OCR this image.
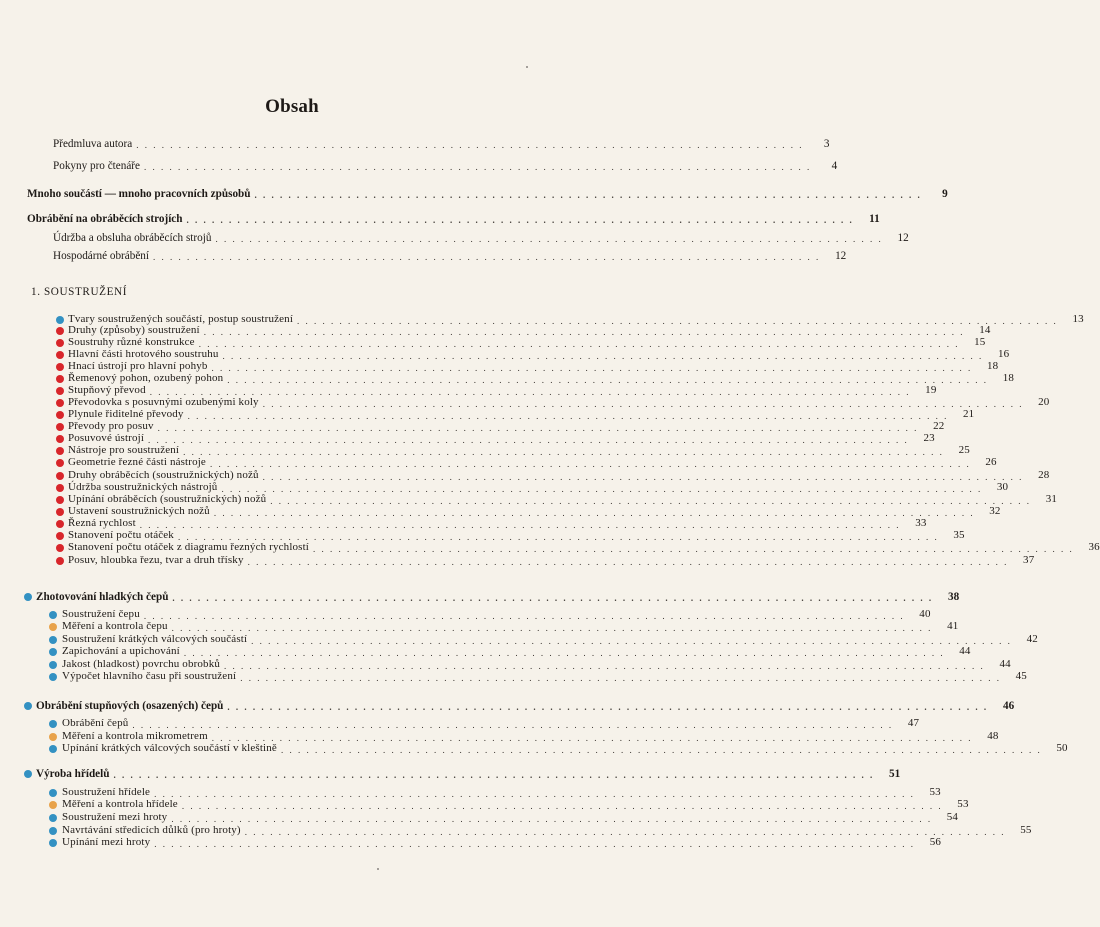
Obsah
Předmluva autora . . . . . . . . . . . . . . . . . . . . . . . . . . . . . . . . . . . . . . . . . . . . . . . . . . . . . . . . . . . . . . . . . . . . . . . . . . . . . . .	3
Pokyny pro čtenáře . . . . . . . . . . . . . . . . . . . . . . . . . . . . . . . . . . . . . . . . . . . . . . . . . . . . . . . . . . . . . . . . . . . . . . . . . . . . . . .	4
Mnoho součástí — mnoho pracovních způsobů . . . . . . . . . . . . . . . . . . . . . . . . . . . . . . . . . . . . . . . . . . . . . . . . . . . . . . . . . . . . . . . . . . . . . . . . . . . . . . .	9
Obrábění na obráběcích strojích . . . . . . . . . . . . . . . . . . . . . . . . . . . . . . . . . . . . . . . . . . . . . . . . . . . . . . . . . . . . . . . . . . . . . . . . . . . . . . .	11
Údržba a obsluha obráběcích strojů . . . . . . . . . . . . . . . . . . . . . . . . . . . . . . . . . . . . . . . . . . . . . . . . . . . . . . . . . . . . . . . . . . . . . . . . . . . . . . .	12
Hospodárné obrábění . . . . . . . . . . . . . . . . . . . . . . . . . . . . . . . . . . . . . . . . . . . . . . . . . . . . . . . . . . . . . . . . . . . . . . . . . . . . . . .	12
1. SOUSTRUŽENÍ
Tvary soustružených součástí, postup soustružení . . . . . . . . . . . . . . . . . . . . . . . . . . . . . . . . . . . . . . . . . . . . . . . . . . . . . . . . . . . . . . . . . . . . . . . . . . . . . . . . . . . . . . . . . .	13
Druhy (způsoby) soustružení . . . . . . . . . . . . . . . . . . . . . . . . . . . . . . . . . . . . . . . . . . . . . . . . . . . . . . . . . . . . . . . . . . . . . . . . . . . . . . . . . . . . . . . . . .	14
Soustruhy různé konstrukce . . . . . . . . . . . . . . . . . . . . . . . . . . . . . . . . . . . . . . . . . . . . . . . . . . . . . . . . . . . . . . . . . . . . . . . . . . . . . . . . . . . . . . . . . .	15
Hlavní části hrotového soustruhu . . . . . . . . . . . . . . . . . . . . . . . . . . . . . . . . . . . . . . . . . . . . . . . . . . . . . . . . . . . . . . . . . . . . . . . . . . . . . . . . . . . . . . . . . .	16
Hnací ústrojí pro hlavní pohyb . . . . . . . . . . . . . . . . . . . . . . . . . . . . . . . . . . . . . . . . . . . . . . . . . . . . . . . . . . . . . . . . . . . . . . . . . . . . . . . . . . . . . . . . . .	18
Řemenový pohon, ozubený pohon . . . . . . . . . . . . . . . . . . . . . . . . . . . . . . . . . . . . . . . . . . . . . . . . . . . . . . . . . . . . . . . . . . . . . . . . . . . . . . . . . . . . . . . . . .	18
Stupňový převod . . . . . . . . . . . . . . . . . . . . . . . . . . . . . . . . . . . . . . . . . . . . . . . . . . . . . . . . . . . . . . . . . . . . . . . . . . . . . . . . . . . . . . . . . .	19
Převodovka s posuvnými ozubenými koly . . . . . . . . . . . . . . . . . . . . . . . . . . . . . . . . . . . . . . . . . . . . . . . . . . . . . . . . . . . . . . . . . . . . . . . . . . . . . . . . . . . . . . . . . .	20
Plynule řiditelné převody . . . . . . . . . . . . . . . . . . . . . . . . . . . . . . . . . . . . . . . . . . . . . . . . . . . . . . . . . . . . . . . . . . . . . . . . . . . . . . . . . . . . . . . . . .	21
Převody pro posuv . . . . . . . . . . . . . . . . . . . . . . . . . . . . . . . . . . . . . . . . . . . . . . . . . . . . . . . . . . . . . . . . . . . . . . . . . . . . . . . . . . . . . . . . . .	22
Posuvové ústrojí . . . . . . . . . . . . . . . . . . . . . . . . . . . . . . . . . . . . . . . . . . . . . . . . . . . . . . . . . . . . . . . . . . . . . . . . . . . . . . . . . . . . . . . . . .	23
Nástroje pro soustružení . . . . . . . . . . . . . . . . . . . . . . . . . . . . . . . . . . . . . . . . . . . . . . . . . . . . . . . . . . . . . . . . . . . . . . . . . . . . . . . . . . . . . . . . . .	25
Geometrie řezné části nástroje . . . . . . . . . . . . . . . . . . . . . . . . . . . . . . . . . . . . . . . . . . . . . . . . . . . . . . . . . . . . . . . . . . . . . . . . . . . . . . . . . . . . . . . . . .	26
Druhy obráběcích (soustružnických) nožů . . . . . . . . . . . . . . . . . . . . . . . . . . . . . . . . . . . . . . . . . . . . . . . . . . . . . . . . . . . . . . . . . . . . . . . . . . . . . . . . . . . . . . . . . .	28
Údržba soustružnických nástrojů . . . . . . . . . . . . . . . . . . . . . . . . . . . . . . . . . . . . . . . . . . . . . . . . . . . . . . . . . . . . . . . . . . . . . . . . . . . . . . . . . . . . . . . . . .	30
Upínání obráběcích (soustružnických) nožů . . . . . . . . . . . . . . . . . . . . . . . . . . . . . . . . . . . . . . . . . . . . . . . . . . . . . . . . . . . . . . . . . . . . . . . . . . . . . . . . . . . . . . . . . .	31
Ustavení soustružnických nožů . . . . . . . . . . . . . . . . . . . . . . . . . . . . . . . . . . . . . . . . . . . . . . . . . . . . . . . . . . . . . . . . . . . . . . . . . . . . . . . . . . . . . . . . . .	32
Řezná rychlost . . . . . . . . . . . . . . . . . . . . . . . . . . . . . . . . . . . . . . . . . . . . . . . . . . . . . . . . . . . . . . . . . . . . . . . . . . . . . . . . . . . . . . . . . .	33
Stanovení počtu otáček . . . . . . . . . . . . . . . . . . . . . . . . . . . . . . . . . . . . . . . . . . . . . . . . . . . . . . . . . . . . . . . . . . . . . . . . . . . . . . . . . . . . . . . . . .	35
Stanovení počtu otáček z diagramu řezných rychlostí . . . . . . . . . . . . . . . . . . . . . . . . . . . . . . . . . . . . . . . . . . . . . . . . . . . . . . . . . . . . . . . . . . . . . . . . . . . . . . . . . . . . . . . . . .	36
Posuv, hloubka řezu, tvar a druh třísky . . . . . . . . . . . . . . . . . . . . . . . . . . . . . . . . . . . . . . . . . . . . . . . . . . . . . . . . . . . . . . . . . . . . . . . . . . . . . . . . . . . . . . . . . .	37
Zhotovování hladkých čepů . . . . . . . . . . . . . . . . . . . . . . . . . . . . . . . . . . . . . . . . . . . . . . . . . . . . . . . . . . . . . . . . . . . . . . . . . . . . . . . . . . . . . . . . . .	38
Soustružení čepu . . . . . . . . . . . . . . . . . . . . . . . . . . . . . . . . . . . . . . . . . . . . . . . . . . . . . . . . . . . . . . . . . . . . . . . . . . . . . . . . . . . . . . . . . .	40
Měření a kontrola čepu . . . . . . . . . . . . . . . . . . . . . . . . . . . . . . . . . . . . . . . . . . . . . . . . . . . . . . . . . . . . . . . . . . . . . . . . . . . . . . . . . . . . . . . . . .	41
Soustružení krátkých válcových součástí . . . . . . . . . . . . . . . . . . . . . . . . . . . . . . . . . . . . . . . . . . . . . . . . . . . . . . . . . . . . . . . . . . . . . . . . . . . . . . . . . . . . . . . . . .	42
Zapichování a upichování . . . . . . . . . . . . . . . . . . . . . . . . . . . . . . . . . . . . . . . . . . . . . . . . . . . . . . . . . . . . . . . . . . . . . . . . . . . . . . . . . . . . . . . . . .	44
Jakost (hladkost) povrchu obrobků . . . . . . . . . . . . . . . . . . . . . . . . . . . . . . . . . . . . . . . . . . . . . . . . . . . . . . . . . . . . . . . . . . . . . . . . . . . . . . . . . . . . . . . . . .	44
Výpočet hlavního času při soustružení . . . . . . . . . . . . . . . . . . . . . . . . . . . . . . . . . . . . . . . . . . . . . . . . . . . . . . . . . . . . . . . . . . . . . . . . . . . . . . . . . . . . . . . . . .	45
Obrábění stupňových (osazených) čepů . . . . . . . . . . . . . . . . . . . . . . . . . . . . . . . . . . . . . . . . . . . . . . . . . . . . . . . . . . . . . . . . . . . . . . . . . . . . . . . . . . . . . . . . . .	46
Obrábění čepů . . . . . . . . . . . . . . . . . . . . . . . . . . . . . . . . . . . . . . . . . . . . . . . . . . . . . . . . . . . . . . . . . . . . . . . . . . . . . . . . . . . . . . . . . .	47
Měření a kontrola mikrometrem . . . . . . . . . . . . . . . . . . . . . . . . . . . . . . . . . . . . . . . . . . . . . . . . . . . . . . . . . . . . . . . . . . . . . . . . . . . . . . . . . . . . . . . . . .	48
Upínání krátkých válcových součástí v kleštině . . . . . . . . . . . . . . . . . . . . . . . . . . . . . . . . . . . . . . . . . . . . . . . . . . . . . . . . . . . . . . . . . . . . . . . . . . . . . . . . . . . . . . . . . .	50
Výroba hřídelů . . . . . . . . . . . . . . . . . . . . . . . . . . . . . . . . . . . . . . . . . . . . . . . . . . . . . . . . . . . . . . . . . . . . . . . . . . . . . . . . . . . . . . . . . .	51
Soustružení hřídele . . . . . . . . . . . . . . . . . . . . . . . . . . . . . . . . . . . . . . . . . . . . . . . . . . . . . . . . . . . . . . . . . . . . . . . . . . . . . . . . . . . . . . . . . .	53
Měření a kontrola hřídele . . . . . . . . . . . . . . . . . . . . . . . . . . . . . . . . . . . . . . . . . . . . . . . . . . . . . . . . . . . . . . . . . . . . . . . . . . . . . . . . . . . . . . . . . .	53
Soustružení mezi hroty . . . . . . . . . . . . . . . . . . . . . . . . . . . . . . . . . . . . . . . . . . . . . . . . . . . . . . . . . . . . . . . . . . . . . . . . . . . . . . . . . . . . . . . . . .	54
Navrtávání středicích důlků (pro hroty) . . . . . . . . . . . . . . . . . . . . . . . . . . . . . . . . . . . . . . . . . . . . . . . . . . . . . . . . . . . . . . . . . . . . . . . . . . . . . . . . . . . . . . . . . .	55
Upínání mezi hroty . . . . . . . . . . . . . . . . . . . . . . . . . . . . . . . . . . . . . . . . . . . . . . . . . . . . . . . . . . . . . . . . . . . . . . . . . . . . . . . . . . . . . . . . . .	56
